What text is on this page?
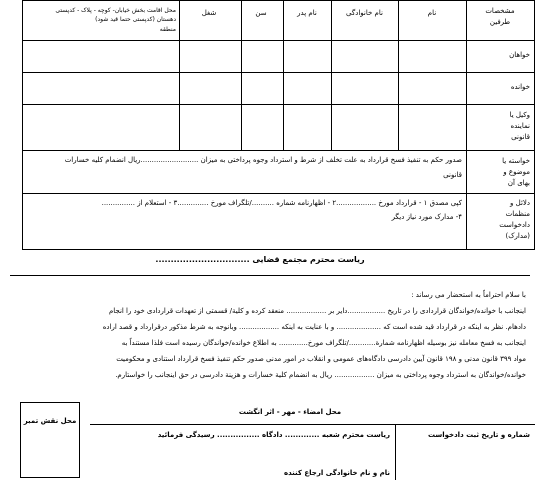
مشخصات
طرفین
نام
نام خانوادگی
نام پدر
سن
شغل
محل اقامت بخش خیابان- کوچه - پلاک - کدپستی
دهستان (کدپستی حتما قید شود)
منطقه
خواهان
خوانده
وکیل یا
نماینده
قانونی
خواسته یا
موضوع و
بهای آن
صدور حکم به تنفیذ فسخ قرارداد به علت تخلف از شرط و استرداد وجوه پرداختی به میزان ..........................ریال انضمام کلیه خسارات
قانونی
دلائل و
منظمات
دادخواست
(مدارک)
کپی مصدق ١ - قرارداد مورخ ..................٢ - اظهارنامه شماره ........../تلگراف مورخ ..............٣ - استعلام از ...............
۴- مدارک مورد نیاز دیگر
ریاست محترم مجتمع قضایی ...............................
با سلام احتراماً به استحضار می رساند :
اینجانب با خوانده/خواندگان قراردادی را در تاریخ .................دایر بر .................. منعقد کرده و کلیة/ قسمتی از تعهدات قراردادی خود را انجام
دادهام. نظر به اینکه در قرارداد قید شده است که .................... و با عنایت به اینکه .................. وبانوجه به شرط مذکور درقرارداد و قصد اراده
اینجانب به فسخ معامله نیز بوسیله اظهارنامه شمارة............/تلگراف مورخ............. به اطلاع خوانده/خواندگان رسیده است فلذا مستنداً به
مواد ٣٩٩ قانون مدنی و ١٩٨ قانون آیین دادرسی دادگاه‌های عمومی و انقلاب در امور مدنی صدور حکم تنفیذ فسخ قرارداد استنادی و محکومیت
خوانده/خواندگان به استرداد وجوه پرداختی به میزان .................. ریال به انضمام کلیة خسارات و هزینة دادرسی در حق اینجانب را خواستارم.
محل نقش تمبر
محل امضاء - مهر - اثر انگشت
شماره و تاریخ ثبت دادخواست
ریاست محترم شعبه ............. دادگاه ................ رسیدگی فرمائید
نام و نام خانوادگی ارجاع کننده
